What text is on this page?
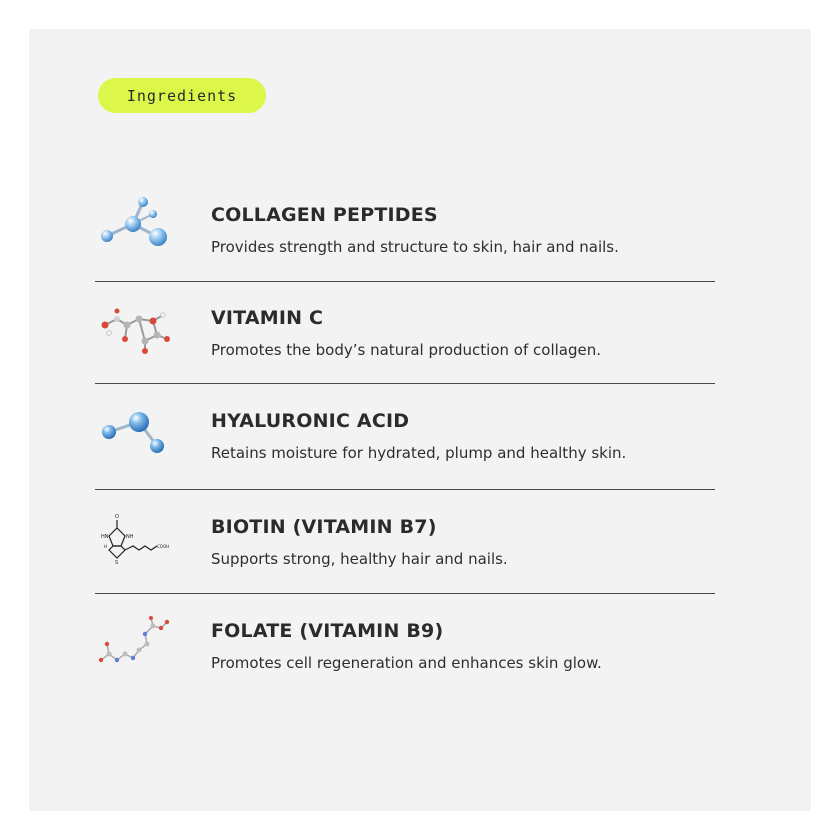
Ingredients
COLLAGEN PEPTIDES
Provides strength and structure to skin, hair and nails.
VITAMIN C
Promotes the body’s natural production of collagen.
HYALURONIC ACID
Retains moisture for hydrated, plump and healthy skin.
O
HN	NH
H
S
COOH
BIOTIN (VITAMIN B7)
Supports strong, healthy hair and nails.
FOLATE (VITAMIN B9)
Promotes cell regeneration and enhances skin glow.
